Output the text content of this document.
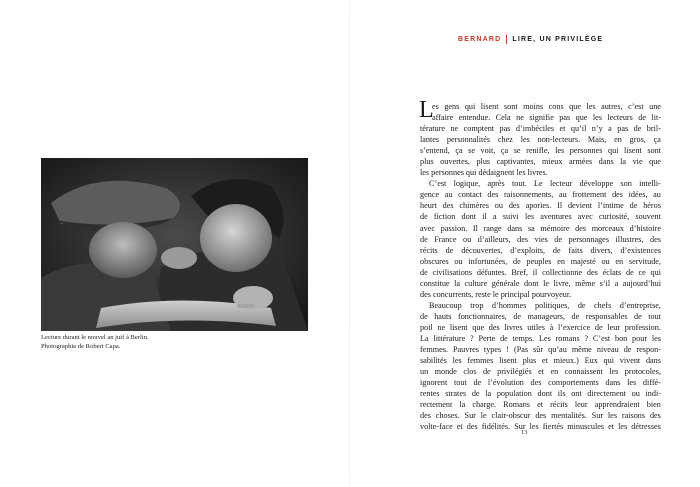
Lecture durant le nouvel an juif à Berlin.
Photographie de Robert Capa.
BERNARD LIRE, UN PRIVILÈGE
L
es gens qui lisent sont moins cons que les autres, c’est une
affaire entendue. Cela ne signifie pas que les lecteurs de lit-
térature ne comptent pas d’imbéciles et qu’il n’y a pas de bril-
lantes personnalités chez les non-lecteurs. Mais, en gros, ça
s’entend, ça se voit, ça se renifle, les personnes qui lisent sont
plus ouvertes, plus captivantes, mieux armées dans la vie que
les personnes qui dédaignent les livres.
C’est logique, après tout. Le lecteur développe son intelli-
gence au contact des raisonnements, au frottement des idées, au
heurt des chimères ou des apories. Il devient l’intime de héros
de fiction dont il a suivi les aventures avec curiosité, souvent
avec passion. Il range dans sa mémoire des morceaux d’histoire
de France ou d’ailleurs, des vies de personnages illustres, des
récits de découvertes, d’exploits, de faits divers, d’existences
obscures ou infortunées, de peuples en majesté ou en servitude,
de civilisations défuntes. Bref, il collectionne des éclats de ce qui
constitue la culture générale dont le livre, même s’il a aujourd’hui
des concurrents, reste le principal pourvoyeur.
Beaucoup trop d’hommes politiques, de chefs d’entreprise,
de hauts fonctionnaires, de manageurs, de responsables de tout
poil ne lisent que des livres utiles à l’exercice de leur profession.
La littérature ? Perte de temps. Les romans ? C’est bon pour les
femmes. Pauvres types ! (Pas sûr qu’au même niveau de respon-
sabilités les femmes lisent plus et mieux.) Eux qui vivent dans
un monde clos de privilégiés et en connaissent les protocoles,
ignorent tout de l’évolution des comportements dans les diffé-
rentes strates de la population dont ils ont directement ou indi-
rectement la charge. Romans et récits leur apprendraient bien
des choses. Sur le clair-obscur des mentalités. Sur les raisons des
volte-face et des fidélités. Sur les fiertés minuscules et les détresses
13
